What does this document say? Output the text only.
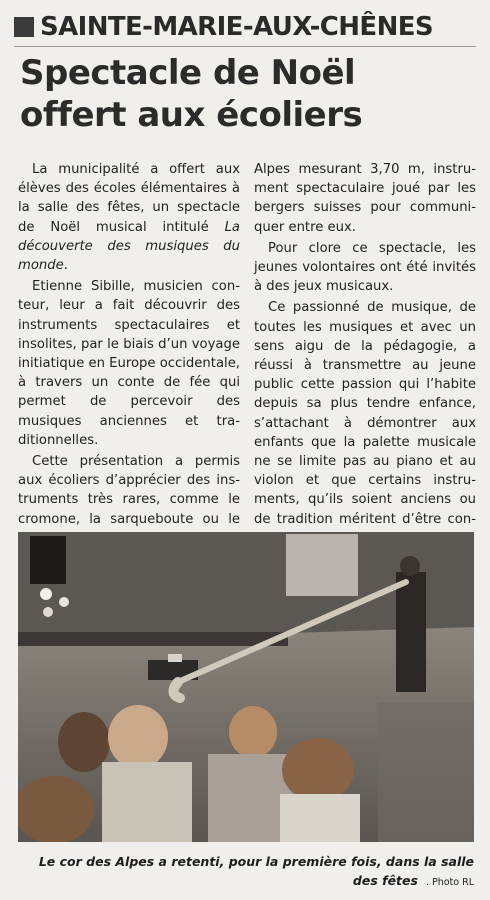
SAINTE-MARIE-AUX-CHÊNES
Spectacle de Noël
offert aux écoliers

La municipalité a offert aux élèves des écoles élémentaires à la salle des fêtes, un spectacle de Noël musical intitulé La découverte des musiques du monde.

Etienne Sibille, musicien conteur, leur a fait découvrir des instruments spectaculaires et insolites, par le biais d’un voyage initiatique en Europe occidentale, à travers un conte de fée qui permet de percevoir des musiques anciennes et traditionnelles.

Cette présentation a permis aux écoliers d’apprécier des instruments très rares, comme le cromone, la sarqueboute ou le

Alpes mesurant 3,70 m, instrument spectaculaire joué par les bergers suisses pour communiquer entre eux.

Pour clore ce spectacle, les jeunes volontaires ont été invités à des jeux musicaux.

Ce passionné de musique, de toutes les musiques et avec un sens aigu de la pédagogie, a réussi à transmettre au jeune public cette passion qui l’habite depuis sa plus tendre enfance, s’attachant à démontrer aux enfants que la palette musicale ne se limite pas au piano et au violon et que certains instruments, qu’ils soient anciens ou de tradition méritent d’être con

Le cor des Alpes a retenti, pour la première fois, dans la salle des fêtes . Photo RL
